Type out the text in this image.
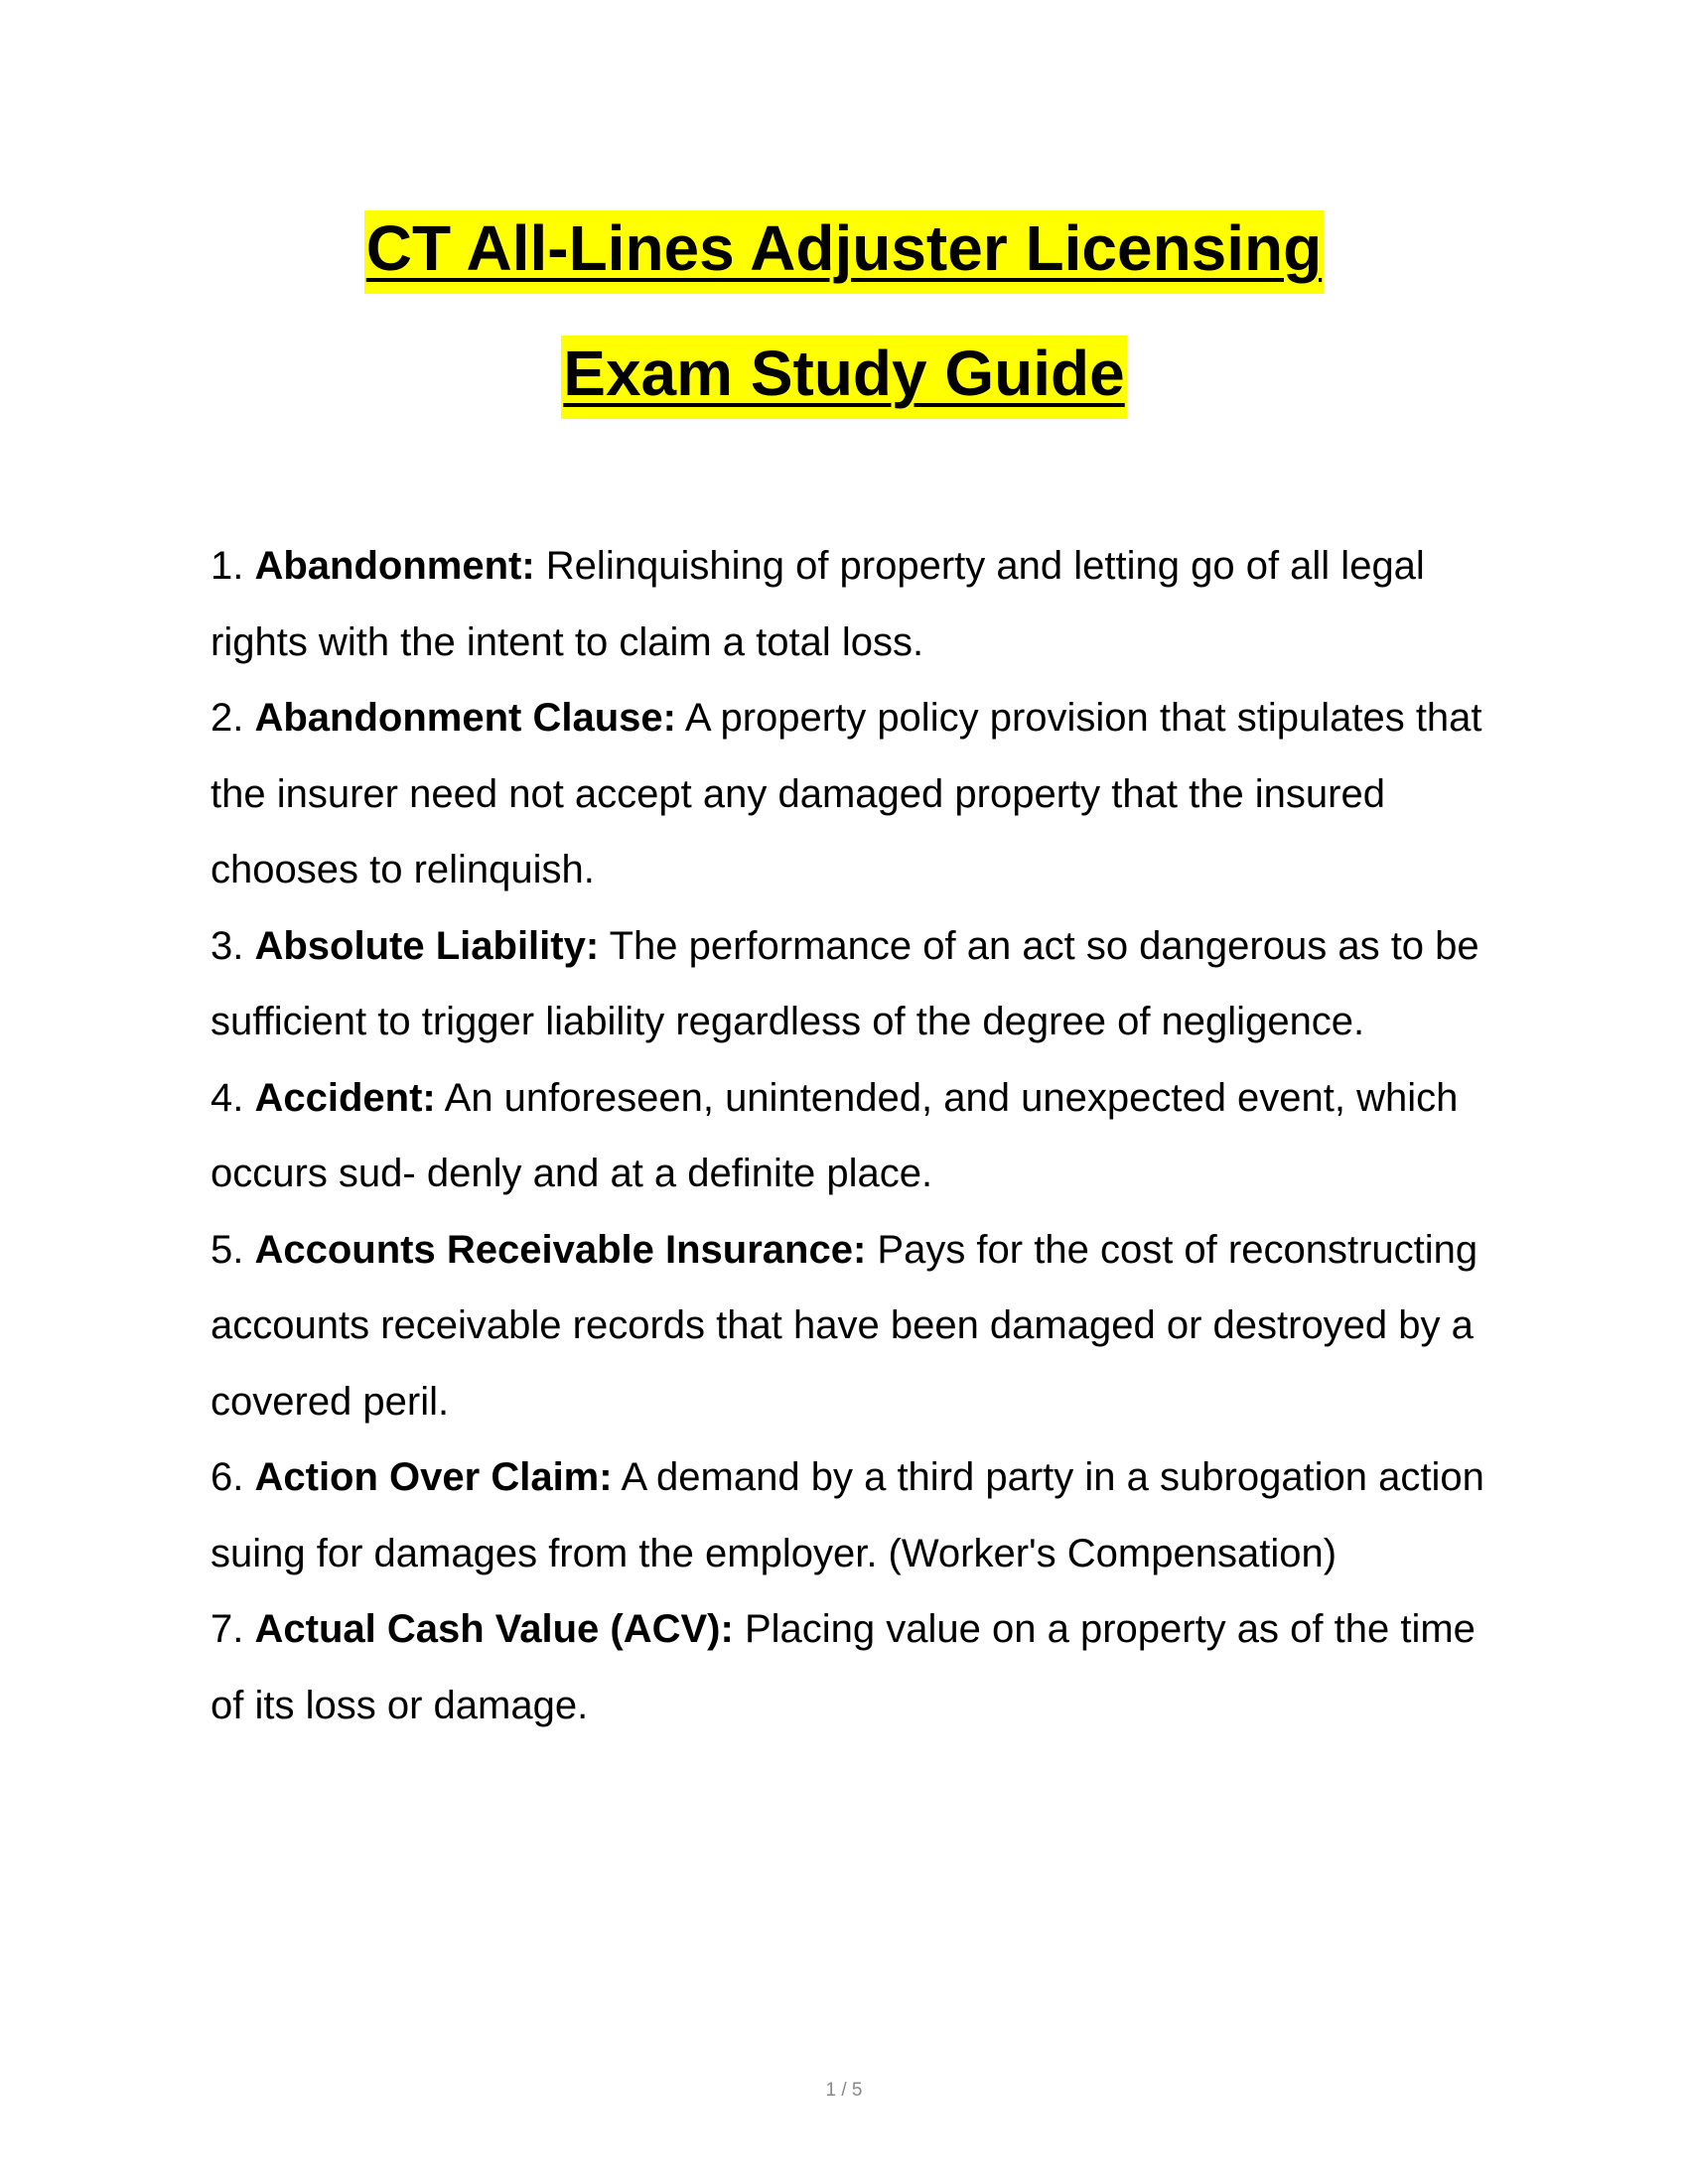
CT All-Lines Adjuster Licensing
Exam Study Guide

1. Abandonment: Relinquishing of property and letting go of all legal rights with the intent to claim a total loss.

2. Abandonment Clause: A property policy provision that stipulates that the insurer need not accept any damaged property that the insured chooses to relinquish.

3. Absolute Liability: The performance of an act so dangerous as to be sufficient to trigger liability regardless of the degree of negligence.

4. Accident: An unforeseen, unintended, and unexpected event, which occurs sud- denly and at a definite place.

5. Accounts Receivable Insurance: Pays for the cost of reconstructing accounts receivable records that have been damaged or destroyed by a covered peril.

6. Action Over Claim: A demand by a third party in a subrogation action suing for damages from the employer. (Worker's Compensation)

7. Actual Cash Value (ACV): Placing value on a property as of the time of its loss or damage.

1 / 5
